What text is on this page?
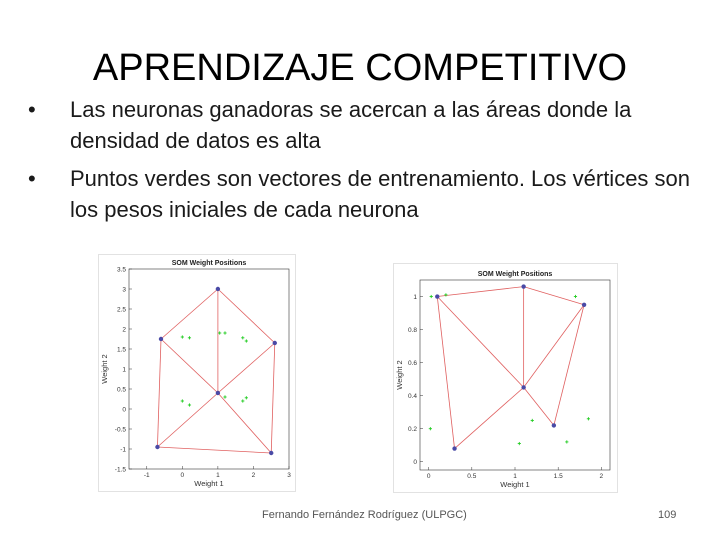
APRENDIZAJE COMPETITIVO
• Las neuronas ganadoras se acercan a las áreas donde la densidad de datos es alta
• Puntos verdes son vectores de entrenamiento. Los vértices son los pesos iniciales de cada neurona
SOM Weight Positions
-1	0	1	2	3
3.5
3
2.5
2
1.5
1
0.5
0
-0.5
-1
-1.5
Weight 1
Weight 2
SOM Weight Positions
0	0.5	1	1.5	2
1
0.8
0.6
0.4
0.2
0
Weight 1
Weight 2
Fernando Fernández Rodríguez (ULPGC)	109
